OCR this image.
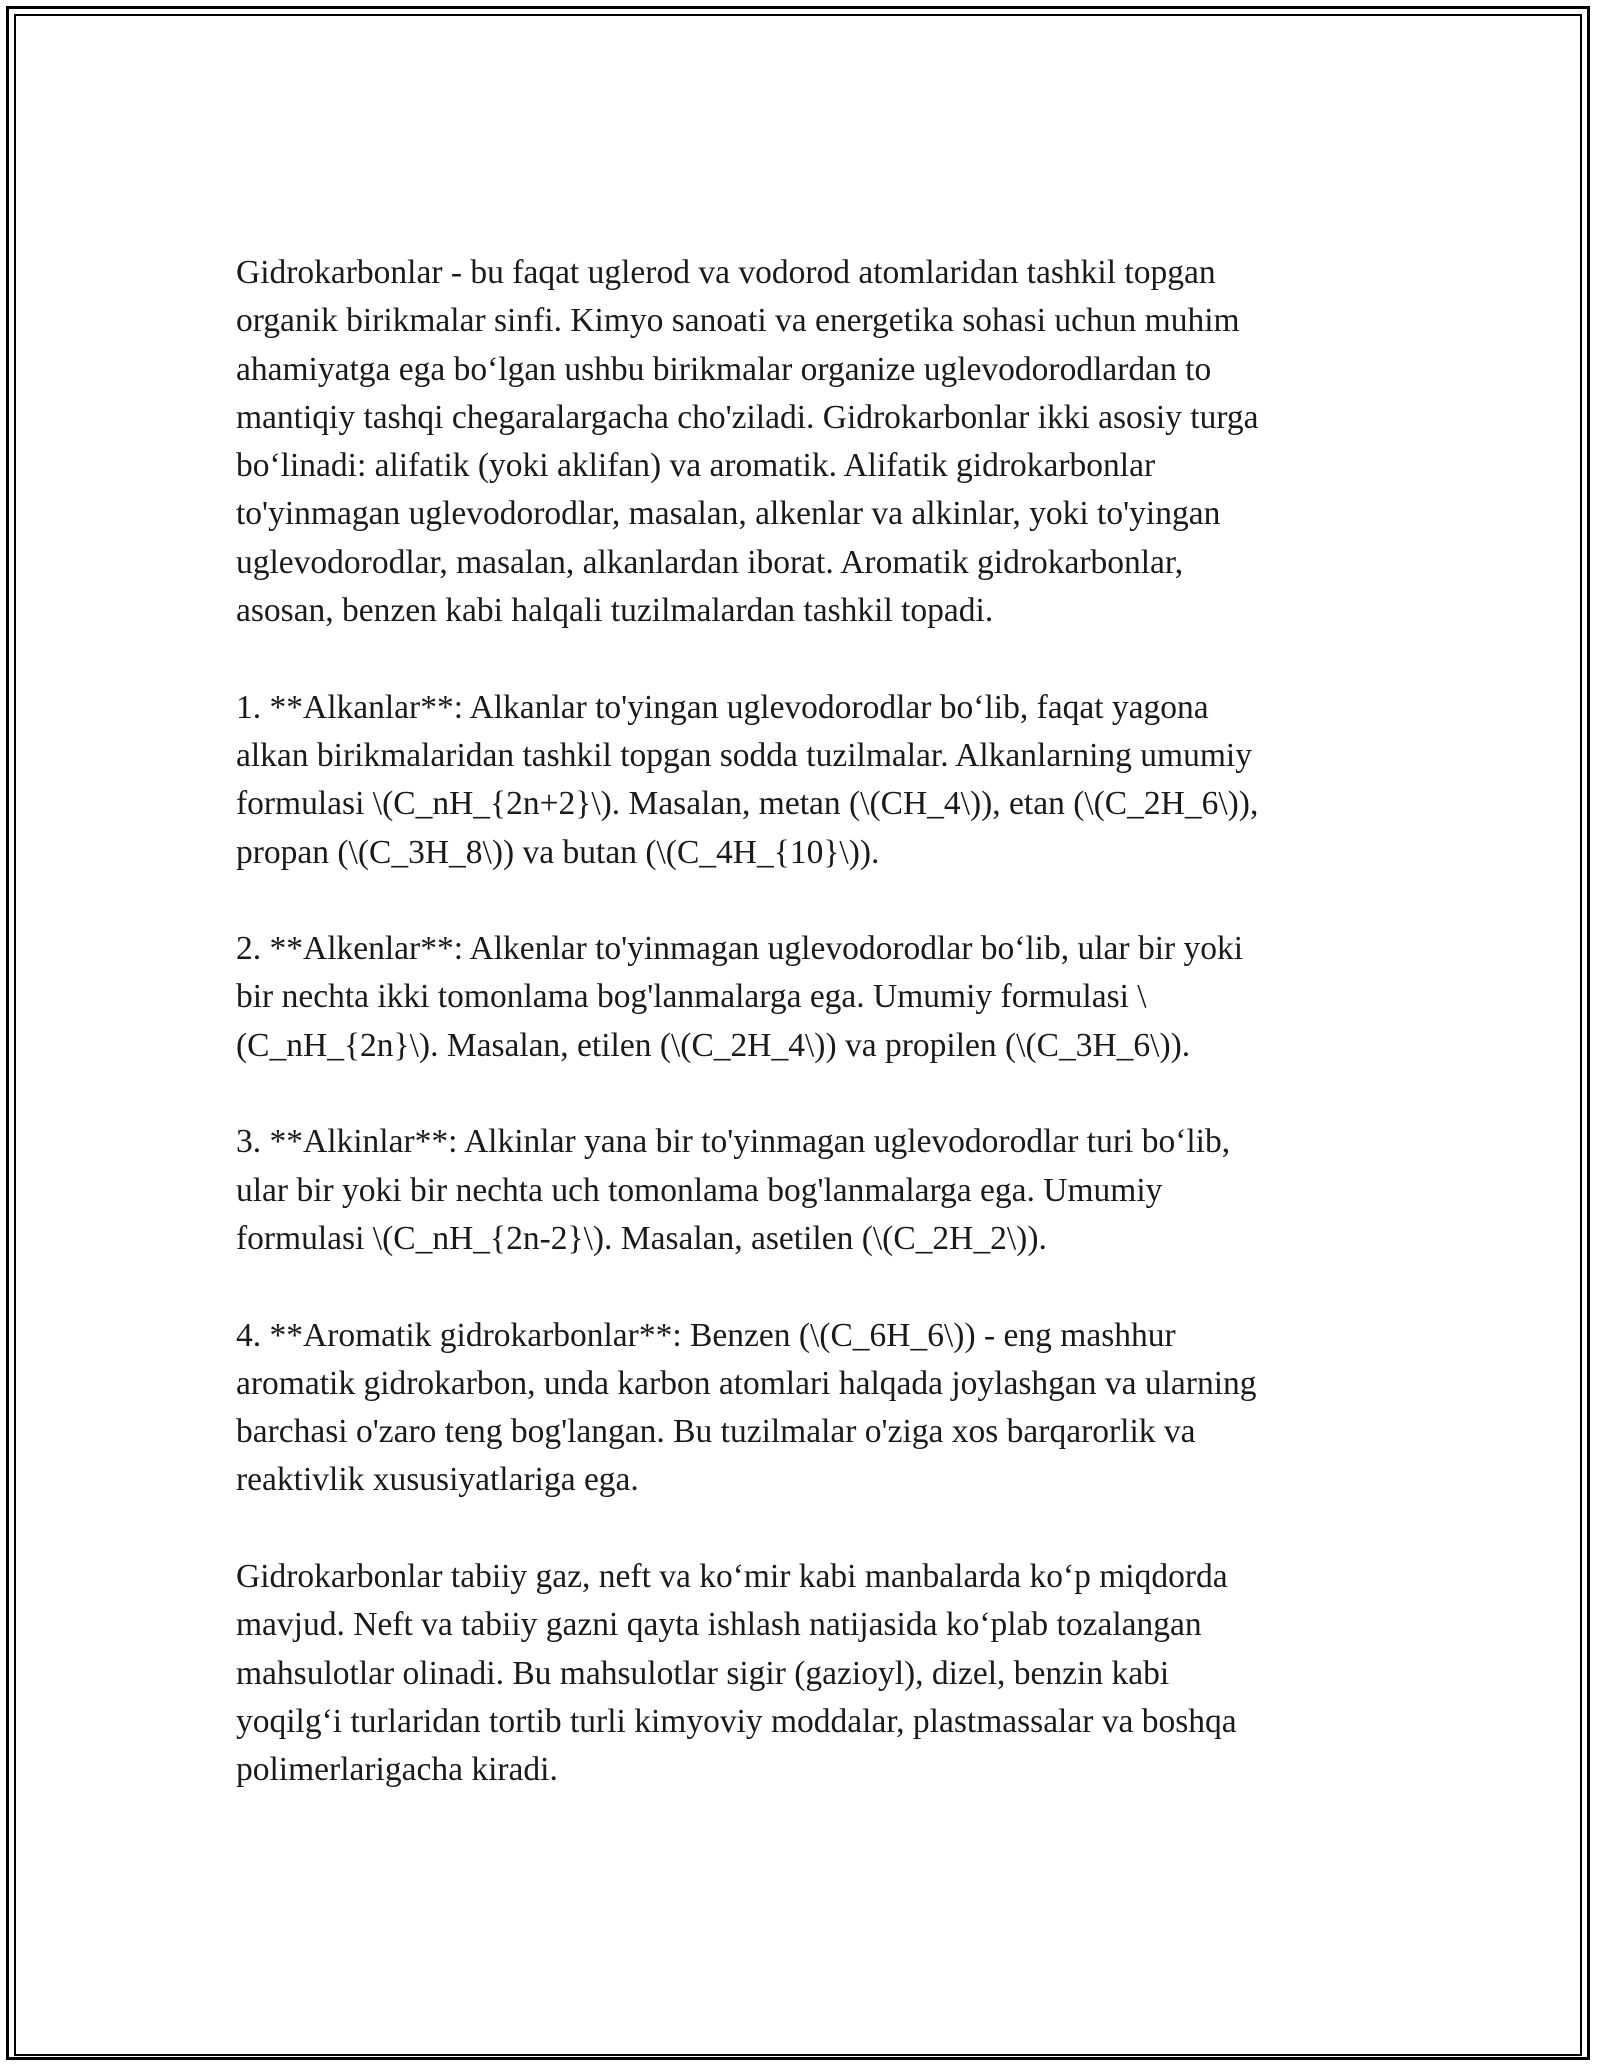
Gidrokarbonlar - bu faqat uglerod va vodorod atomlaridan tashkil topgan
organik birikmalar sinfi. Kimyo sanoati va energetika sohasi uchun muhim
ahamiyatga ega bo‘lgan ushbu birikmalar organize uglevodorodlardan to
mantiqiy tashqi chegaralargacha cho'ziladi. Gidrokarbonlar ikki asosiy turga
bo‘linadi: alifatik (yoki aklifan) va aromatik. Alifatik gidrokarbonlar
to'yinmagan uglevodorodlar, masalan, alkenlar va alkinlar, yoki to'yingan
uglevodorodlar, masalan, alkanlardan iborat. Aromatik gidrokarbonlar,
asosan, benzen kabi halqali tuzilmalardan tashkil topadi.

1. **Alkanlar**: Alkanlar to'yingan uglevodorodlar bo‘lib, faqat yagona
alkan birikmalaridan tashkil topgan sodda tuzilmalar. Alkanlarning umumiy
formulasi \(C_nH_{2n+2}\). Masalan, metan (\(CH_4\)), etan (\(C_2H_6\)),
propan (\(C_3H_8\)) va butan (\(C_4H_{10}\)).

2. **Alkenlar**: Alkenlar to'yinmagan uglevodorodlar bo‘lib, ular bir yoki
bir nechta ikki tomonlama bog'lanmalarga ega. Umumiy formulasi \
(C_nH_{2n}\). Masalan, etilen (\(C_2H_4\)) va propilen (\(C_3H_6\)).

3. **Alkinlar**: Alkinlar yana bir to'yinmagan uglevodorodlar turi bo‘lib,
ular bir yoki bir nechta uch tomonlama bog'lanmalarga ega. Umumiy
formulasi \(C_nH_{2n-2}\). Masalan, asetilen (\(C_2H_2\)).

4. **Aromatik gidrokarbonlar**: Benzen (\(C_6H_6\)) - eng mashhur
aromatik gidrokarbon, unda karbon atomlari halqada joylashgan va ularning
barchasi o'zaro teng bog'langan. Bu tuzilmalar o'ziga xos barqarorlik va
reaktivlik xususiyatlariga ega.

Gidrokarbonlar tabiiy gaz, neft va ko‘mir kabi manbalarda ko‘p miqdorda
mavjud. Neft va tabiiy gazni qayta ishlash natijasida ko‘plab tozalangan
mahsulotlar olinadi. Bu mahsulotlar sigir (gazioyl), dizel, benzin kabi
yoqilg‘i turlaridan tortib turli kimyoviy moddalar, plastmassalar va boshqa
polimerlarigacha kiradi.
